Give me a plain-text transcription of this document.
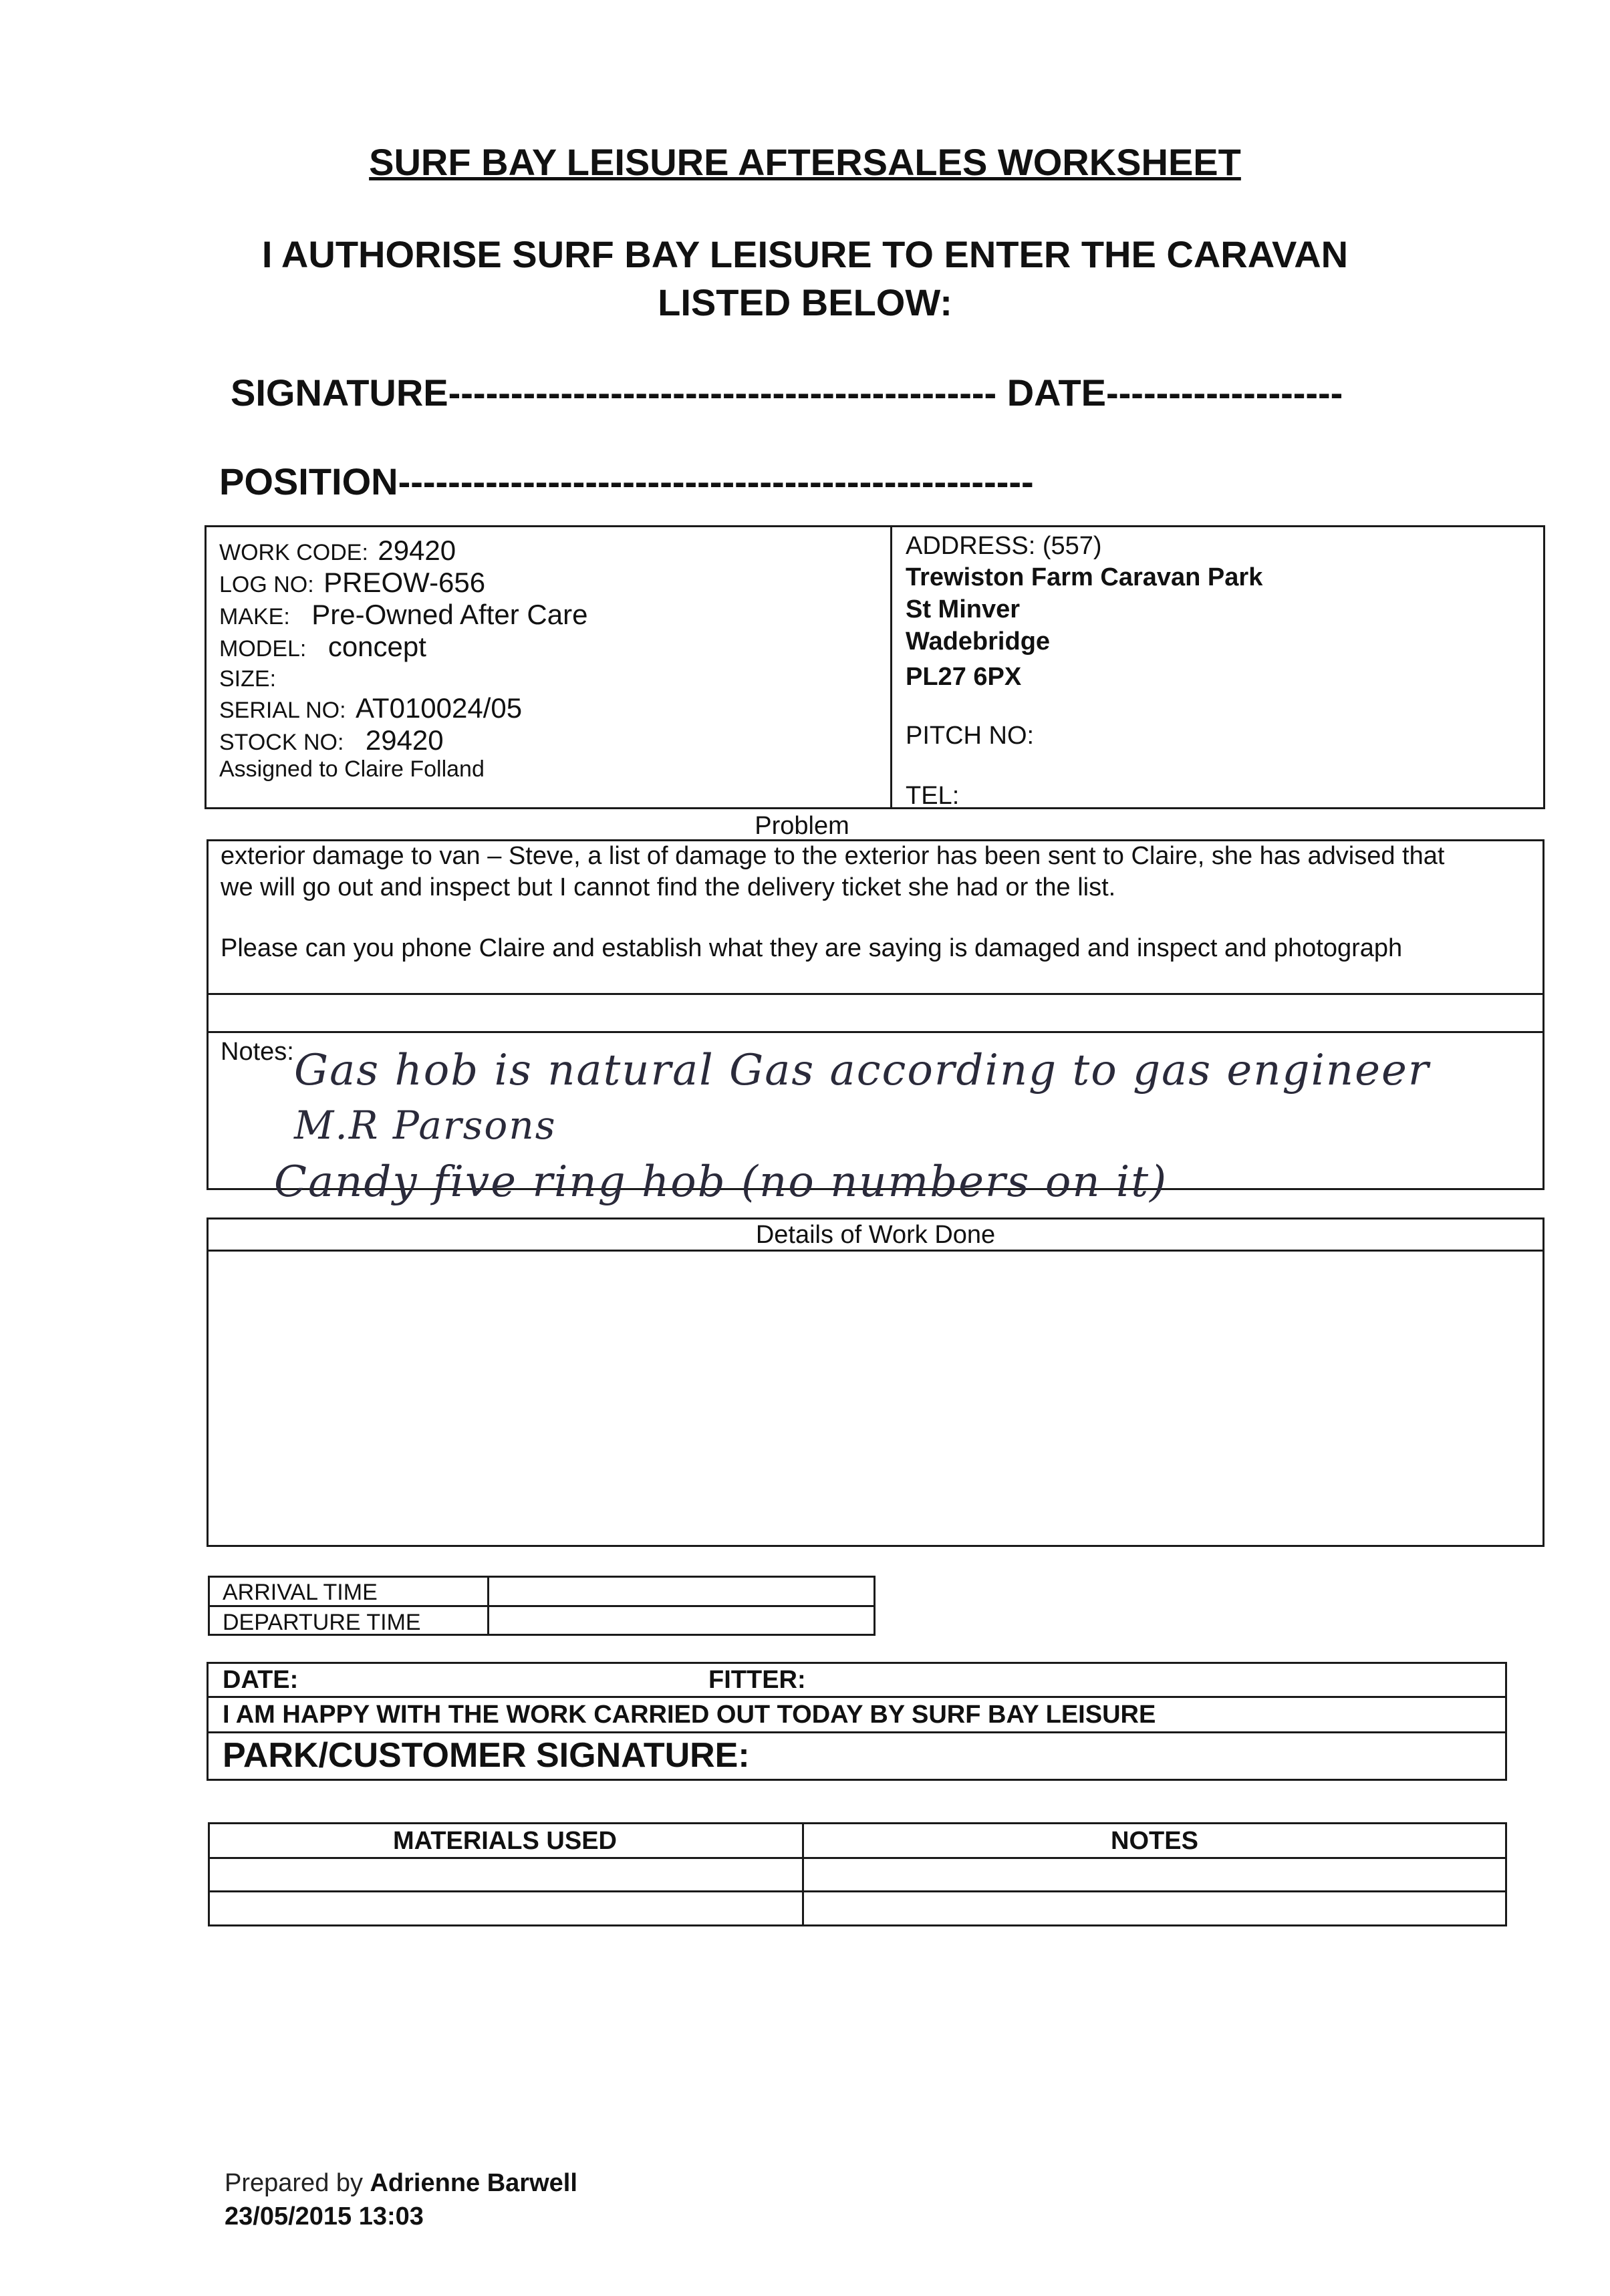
SURF BAY LEISURE AFTERSALES WORKSHEET
I AUTHORISE SURF BAY LEISURE TO ENTER THE CARAVAN
LISTED BELOW:
SIGNATURE-------------------------------------------- DATE-------------------
POSITION---------------------------------------------------
WORK CODE: 29420
LOG NO: PREOW-656
MAKE: Pre-Owned After Care
MODEL: concept
SIZE:
SERIAL NO: AT010024/05
STOCK NO: 29420
Assigned to Claire Folland
ADDRESS: (557)
Trewiston Farm Caravan Park
St Minver
Wadebridge
PL27 6PX
PITCH NO:
TEL:
Problem
exterior damage to van – Steve, a list of damage to the exterior has been sent to Claire, she has advised that
we will go out and inspect but I cannot find the delivery ticket she had or the list.
Please can you phone Claire and establish what they are saying is damaged and inspect and photograph
Notes: Gas hob is natural Gas according to gas engineer
M.R Parsons
Candy five ring hob (no numbers on it)
Details of Work Done
ARRIVAL TIME
DEPARTURE TIME
DATE:	FITTER:
I AM HAPPY WITH THE WORK CARRIED OUT TODAY BY SURF BAY LEISURE
PARK/CUSTOMER SIGNATURE:
MATERIALS USED	NOTES
Prepared by Adrienne Barwell
23/05/2015 13:03
